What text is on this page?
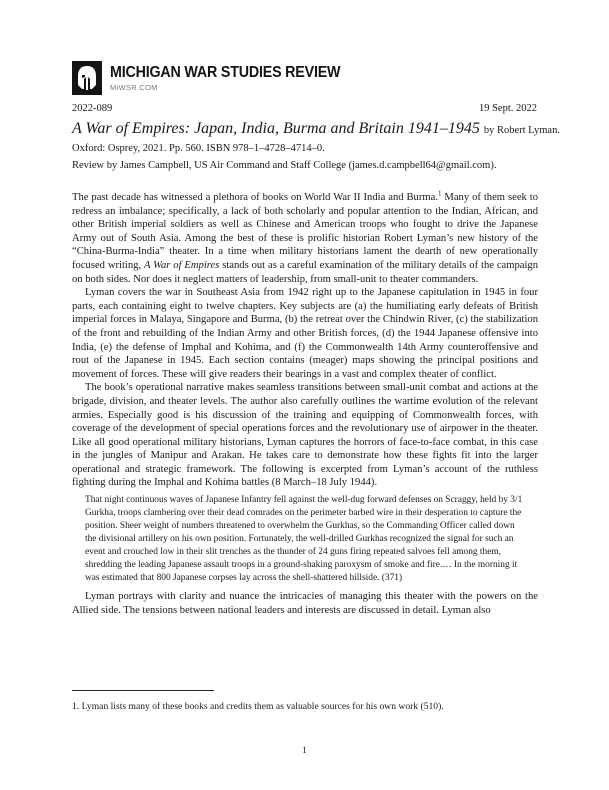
MICHIGAN WAR STUDIES REVIEW
MiWSR.COM
2022-089	19 Sept. 2022
A War of Empires: Japan, India, Burma and Britain 1941–1945 by Robert Lyman.
Oxford: Osprey, 2021. Pp. 560. ISBN 978–1–4728–4714–0.
Review by James Campbell, US Air Command and Staff College (james.d.campbell64@gmail.com).

The past decade has witnessed a plethora of books on World War II India and Burma.$^1$ Many of them seek to redress an imbalance; specifically, a lack of both scholarly and popular attention to the Indian, African, and other British imperial soldiers as well as Chinese and American troops who fought to drive the Japanese Army out of South Asia. Among the best of these is prolific historian Robert Lyman’s new history of the “China-Burma-India” theater. In a time when military historians lament the dearth of new operationally focused writing, A War of Empires stands out as a careful examination of the military details of the campaign on both sides. Nor does it neglect matters of leadership, from small-unit to theater commanders.

Lyman covers the war in Southeast Asia from 1942 right up to the Japanese capitulation in 1945 in four parts, each containing eight to twelve chapters. Key subjects are (a) the humiliating early defeats of British imperial forces in Malaya, Singapore and Burma, (b) the retreat over the Chindwin River, (c) the stabilization of the front and rebuilding of the Indian Army and other British forces, (d) the 1944 Japanese offensive into India, (e) the defense of Imphal and Kohima, and (f) the Commonwealth 14th Army counteroffensive and rout of the Japanese in 1945. Each section contains (meager) maps showing the principal positions and movement of forces. These will give readers their bearings in a vast and complex theater of conflict.

The book’s operational narrative makes seamless transitions between small-unit combat and actions at the brigade, division, and theater levels. The author also carefully outlines the wartime evolution of the relevant armies. Especially good is his discussion of the training and equipping of Commonwealth forces, with coverage of the development of special operations forces and the revolutionary use of airpower in the theater. Like all good operational military historians, Lyman captures the horrors of face-to-face combat, in this case in the jungles of Manipur and Arakan. He takes care to demonstrate how these fights fit into the larger operational and strategic framework. The following is excerpted from Lyman’s account of the ruthless fighting during the Imphal and Kohima battles (8 March–18 July 1944).

That night continuous waves of Japanese Infantry fell against the well-dug forward defenses on Scraggy, held by 3/1 Gurkha, troops clambering over their dead comrades on the perimeter barbed wire in their desperation to capture the position. Sheer weight of numbers threatened to overwhelm the Gurkhas, so the Commanding Officer called down the divisional artillery on his own position. Fortunately, the well-drilled Gurkhas recognized the signal for such an event and crouched low in their slit trenches as the thunder of 24 guns firing repeated salvoes fell among them, shredding the leading Japanese assault troops in a ground-shaking paroxysm of smoke and fire.… In the morning it was estimated that 800 Japanese corpses lay across the shell-shattered hillside. (371)

Lyman portrays with clarity and nuance the intricacies of managing this theater with the powers on the Allied side. The tensions between national leaders and interests are discussed in detail. Lyman also

1. Lyman lists many of these books and credits them as valuable sources for his own work (510).
1
